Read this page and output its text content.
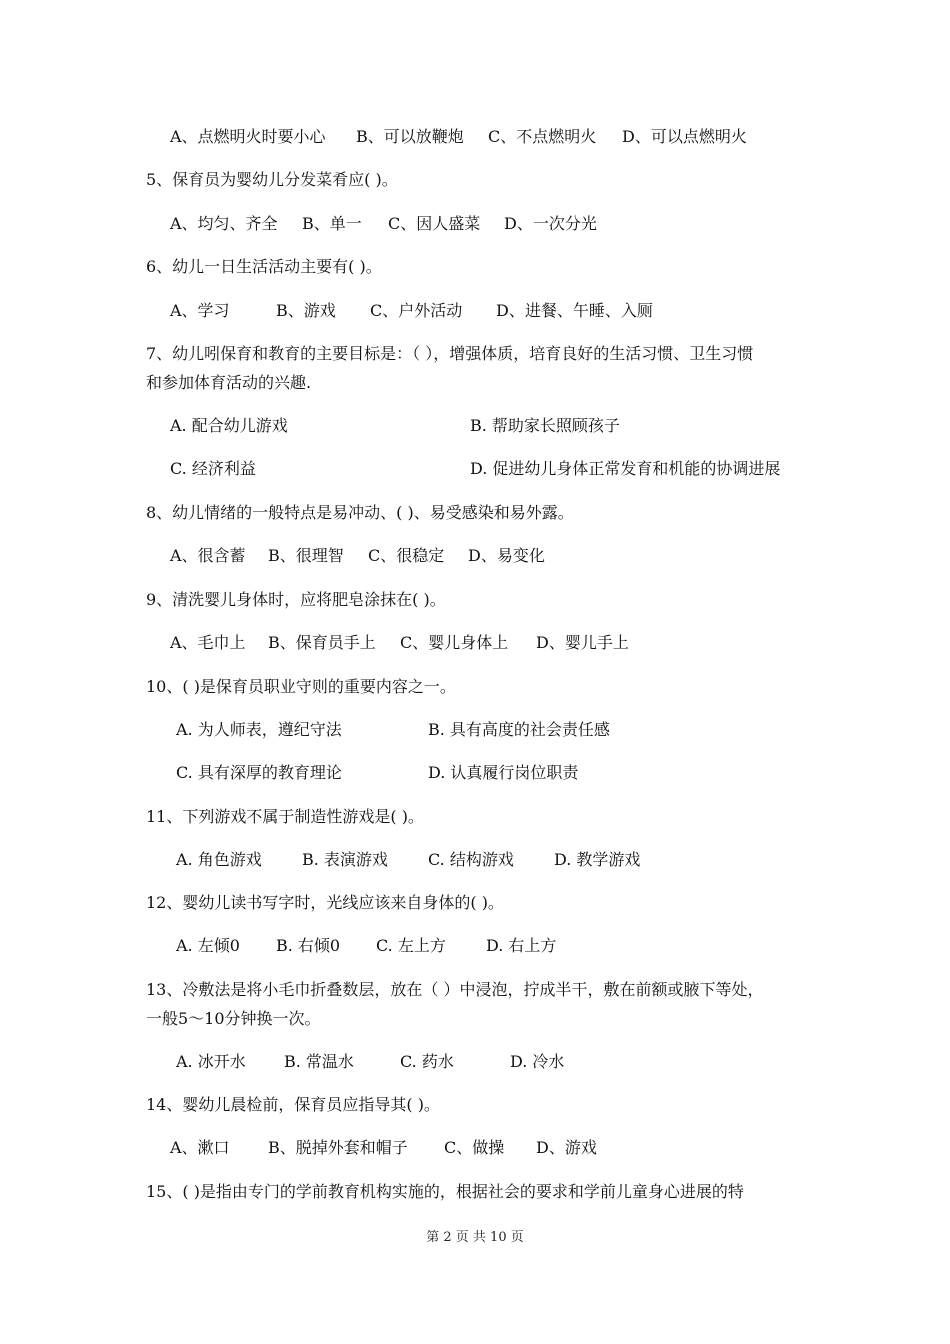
A、点燃明火时要小心 B、可以放鞭炮 C、不点燃明火 D、可以点燃明火
5、保育员为婴幼儿分发菜肴应( )。
A、均匀、齐全 B、单一 C、因人盛菜 D、一次分光
6、幼儿一日生活活动主要有( )。
A、学习	B、游戏 C、户外活动 D、进餐、午睡、入厕
7、幼儿吲保育和教育的主要目标是：（ ），增强体质，培育良好的生活习惯、卫生习惯
和参加体育活动的兴趣.
A. 配合幼儿游戏	B. 帮助家长照顾孩子
C. 经济利益	D. 促进幼儿身体正常发育和机能的协调进展
8、幼儿情绪的一般特点是易冲动、( )、易受感染和易外露。
A、很含蓄 B、很理智 C、很稳定 D、易变化
9、清洗婴儿身体时，应将肥皂涂抹在( )。
A、毛巾上 B、保育员手上 C、婴儿身体上 D、婴儿手上
10、( )是保育员职业守则的重要内容之一。
A. 为人师表，遵纪守法	B. 具有高度的社会责任感
C. 具有深厚的教育理论	D. 认真履行岗位职责
11、下列游戏不属于制造性游戏是( )。
A. 角色游戏	B. 表演游戏	C. 结构游戏	D. 教学游戏
12、婴幼儿读书写字时，光线应该来自身体的( )。
A. 左倾0 B. 右倾0 C. 左上方	D. 右上方
13、冷敷法是将小毛巾折叠数层，放在（ ）中浸泡，拧成半干，敷在前额或腋下等处，
一般5～10分钟换一次。
A. 冰开水 B. 常温水	C. 药水	D. 冷水
14、婴幼儿晨检前，保育员应指导其( )。
A、漱口 B、脱掉外套和帽子 C、做操 D、游戏
15、( )是指由专门的学前教育机构实施的，根据社会的要求和学前儿童身心进展的特
第 2 页 共 10 页
